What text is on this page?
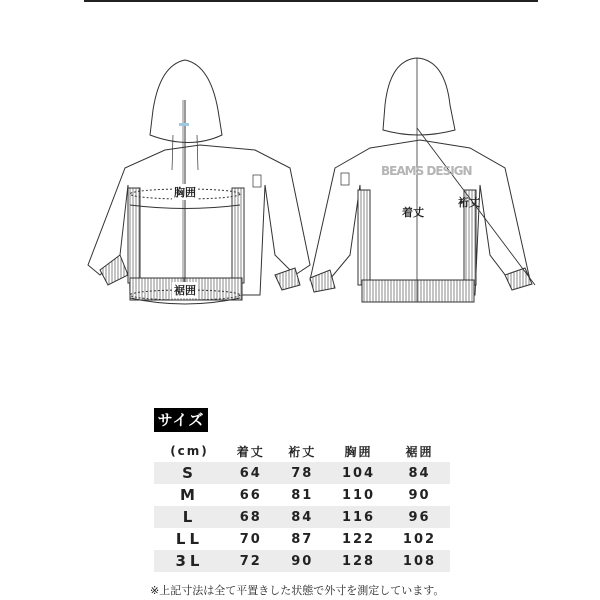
胸囲
裾囲
着丈
裄丈
BEAMS DESIGN
サイズ
(cm)	着丈	裄丈	胸囲	裾囲
S	64	78	104	84
M	66	81	110	90
L	68	84	116	96
LL	70	87	122	102
3L	72	90	128	108
※上記寸法は全て平置きした状態で外寸を測定しています。
